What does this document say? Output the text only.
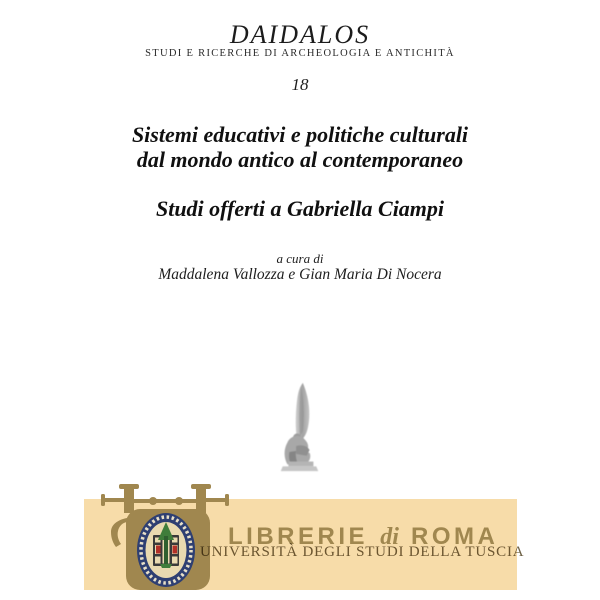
DAIDALOS
STUDI E RICERCHE DI ARCHEOLOGIA E ANTICHITÀ
18
Sistemi educativi e politiche culturali
dal mondo antico al contemporaneo
Studi offerti a Gabriella Ciampi
a cura di
Maddalena Vallozza e Gian Maria Di Nocera
LIBRERIE di ROMA
UNIVERSITÀ DEGLI STUDI DELLA TUSCIA
